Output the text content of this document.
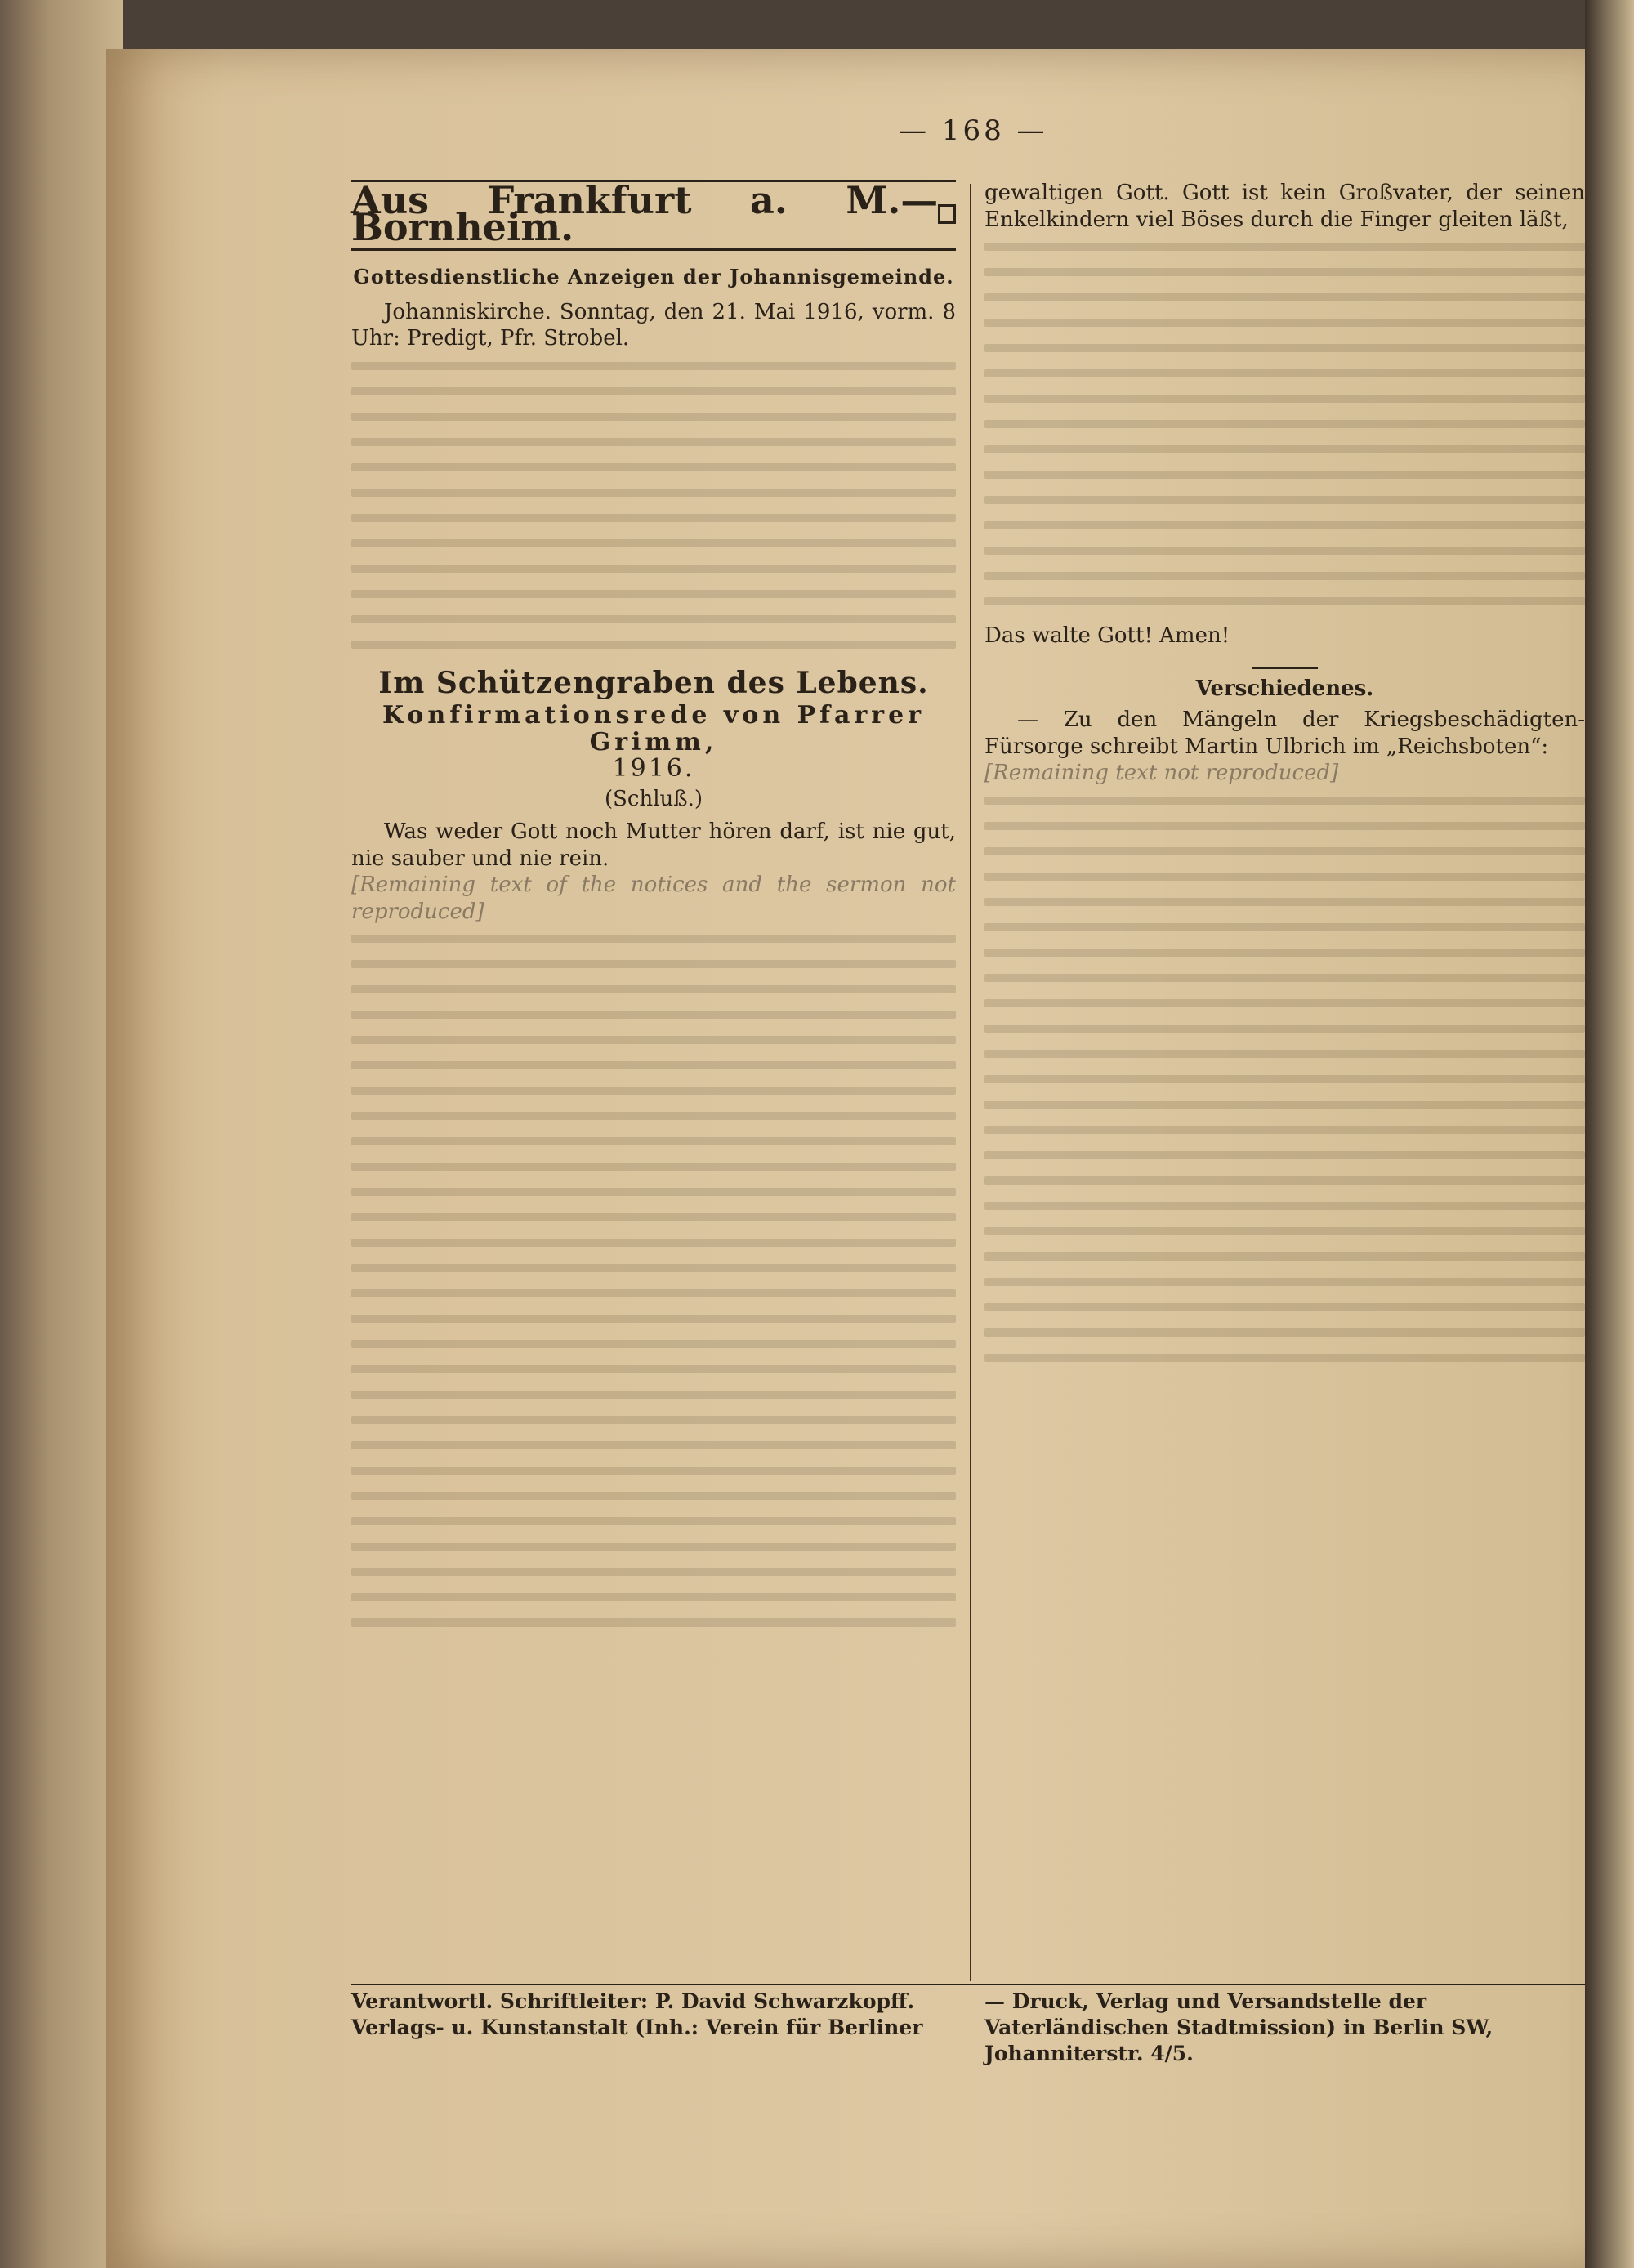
— 168 —
Aus Frankfurt a. M.—Bornheim.
Gottesdienstliche Anzeigen der Johannisgemeinde.

Johanniskirche. Sonntag, den 21. Mai 1916, vorm. 8 Uhr: Predigt, Pfr. Strobel.

Im Schützengraben des Lebens.
Konfirmationsrede von Pfarrer Grimm,
1916.
(Schluß.)

Was weder Gott noch Mutter hören darf, ist nie gut, nie sauber und nie rein.

[Remaining text of the notices and the sermon not reproduced]

gewaltigen Gott. Gott ist kein Großvater, der seinen Enkelkindern viel Böses durch die Finger gleiten läßt,

Das walte Gott! Amen!

Verschiedenes.

— Zu den Mängeln der Kriegsbeschädigten-Fürsorge schreibt Martin Ulbrich im „Reichsboten“:

[Remaining text not reproduced]

Verantwortl. Schriftleiter: P. David Schwarzkopff. Verlags- u. Kunstanstalt (Inh.: Verein für Berliner
— Druck, Verlag und Versandstelle der Vaterländischen Stadtmission) in Berlin SW, Johanniterstr. 4/5.
